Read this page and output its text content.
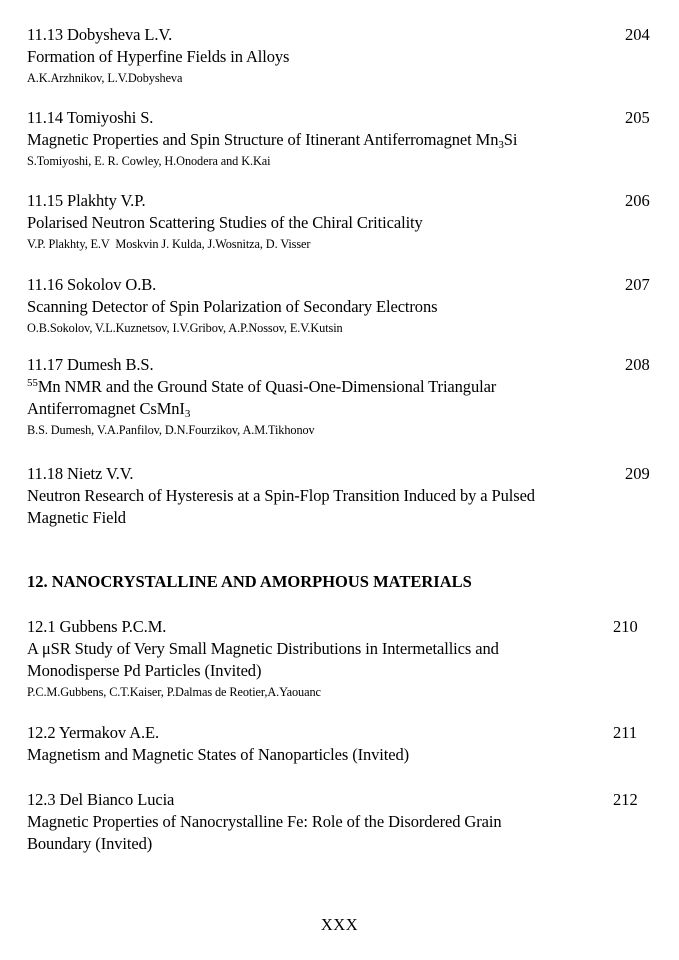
11.13 Dobysheva L.V.
Formation of Hyperfine Fields in Alloys
A.K.Arzhnikov, L.V.Dobysheva
204
11.14 Tomiyoshi S.
Magnetic Properties and Spin Structure of Itinerant Antiferromagnet $Mn_3Si$
S.Tomiyoshi, E. R. Cowley, H.Onodera and K.Kai
205
11.15 Plakhty V.P.
Polarised Neutron Scattering Studies of the Chiral Criticality
V.P. Plakhty, E.V  Moskvin J. Kulda, J.Wosnitza, D. Visser
206
11.16 Sokolov O.B.
Scanning Detector of Spin Polarization of Secondary Electrons
O.B.Sokolov, V.L.Kuznetsov, I.V.Gribov, A.P.Nossov, E.V.Kutsin
207
11.17 Dumesh B.S.
$^{55}$Mn NMR and the Ground State of Quasi-One-Dimensional Triangular
Antiferromagnet CsMnI$_3$
B.S. Dumesh, V.A.Panfilov, D.N.Fourzikov, A.M.Tikhonov
208
11.18 Nietz V.V.
Neutron Research of Hysteresis at a Spin-Flop Transition Induced by a Pulsed
Magnetic Field
209
12. NANOCRYSTALLINE AND AMORPHOUS MATERIALS
12.1 Gubbens P.C.M.
A μSR Study of Very Small Magnetic Distributions in Intermetallics and
Monodisperse Pd Particles (Invited)
P.C.M.Gubbens, C.T.Kaiser, P.Dalmas de Reotier,A.Yaouanc
210
12.2 Yermakov A.E.
Magnetism and Magnetic States of Nanoparticles (Invited)
211
12.3 Del Bianco Lucia
Magnetic Properties of Nanocrystalline Fe: Role of the Disordered Grain
Boundary (Invited)
212
XXX
